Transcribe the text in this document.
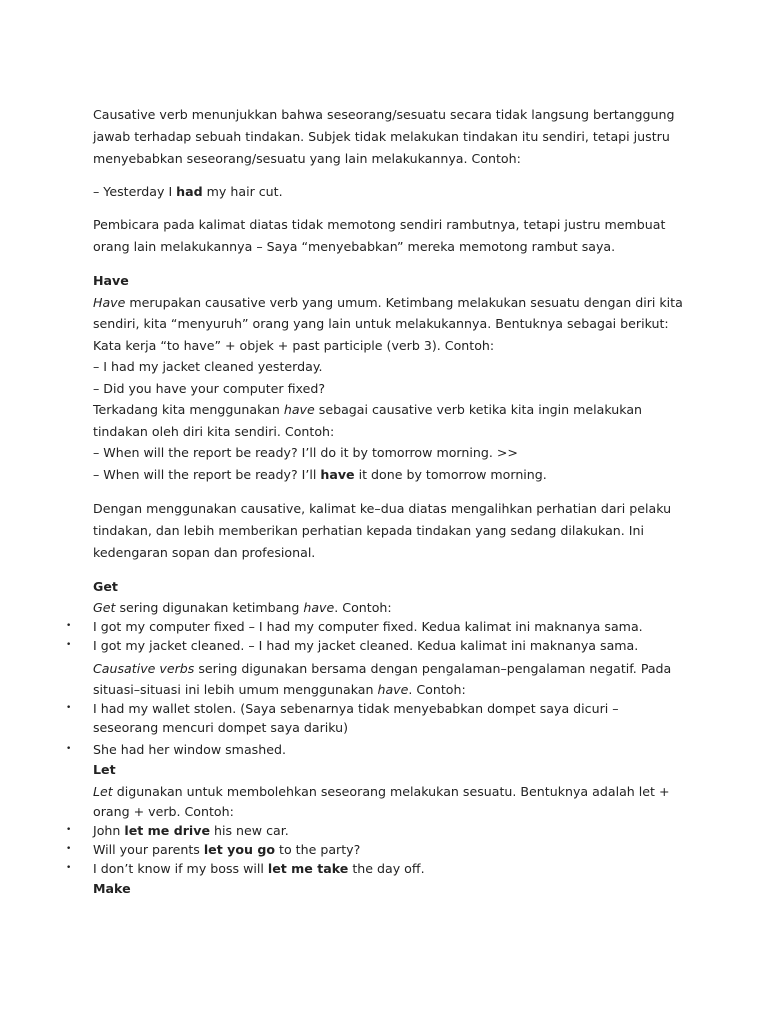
Causative verb menunjukkan bahwa seseorang/sesuatu secara tidak langsung bertanggung

jawab terhadap sebuah tindakan. Subjek tidak melakukan tindakan itu sendiri, tetapi justru

menyebabkan seseorang/sesuatu yang lain melakukannya. Contoh:

– Yesterday I had my hair cut.

Pembicara pada kalimat diatas tidak memotong sendiri rambutnya, tetapi justru membuat

orang lain melakukannya – Saya “menyebabkan” mereka memotong rambut saya.

Have

Have merupakan causative verb yang umum. Ketimbang melakukan sesuatu dengan diri kita

sendiri, kita “menyuruh” orang yang lain untuk melakukannya. Bentuknya sebagai berikut:

Kata kerja “to have” + objek + past participle (verb 3). Contoh:

– I had my jacket cleaned yesterday.

– Did you have your computer fixed?

Terkadang kita menggunakan have sebagai causative verb ketika kita ingin melakukan

tindakan oleh diri kita sendiri. Contoh:

– When will the report be ready? I’ll do it by tomorrow morning. >>

– When will the report be ready? I’ll have it done by tomorrow morning.

Dengan menggunakan causative, kalimat ke–dua diatas mengalihkan perhatian dari pelaku

tindakan, dan lebih memberikan perhatian kepada tindakan yang sedang dilakukan. Ini

kedengaran sopan dan profesional.

Get

Get sering digunakan ketimbang have. Contoh:

• I got my computer fixed – I had my computer fixed. Kedua kalimat ini maknanya sama.

• I got my jacket cleaned. – I had my jacket cleaned. Kedua kalimat ini maknanya sama.

Causative verbs sering digunakan bersama dengan pengalaman–pengalaman negatif. Pada

situasi–situasi ini lebih umum menggunakan have. Contoh:

• I had my wallet stolen. (Saya sebenarnya tidak menyebabkan dompet saya dicuri –

seseorang mencuri dompet saya dariku)

• She had her window smashed.

Let

Let digunakan untuk membolehkan seseorang melakukan sesuatu. Bentuknya adalah let +

orang + verb. Contoh:

• John let me drive his new car.

• Will your parents let you go to the party?

• I don’t know if my boss will let me take the day off.

Make
